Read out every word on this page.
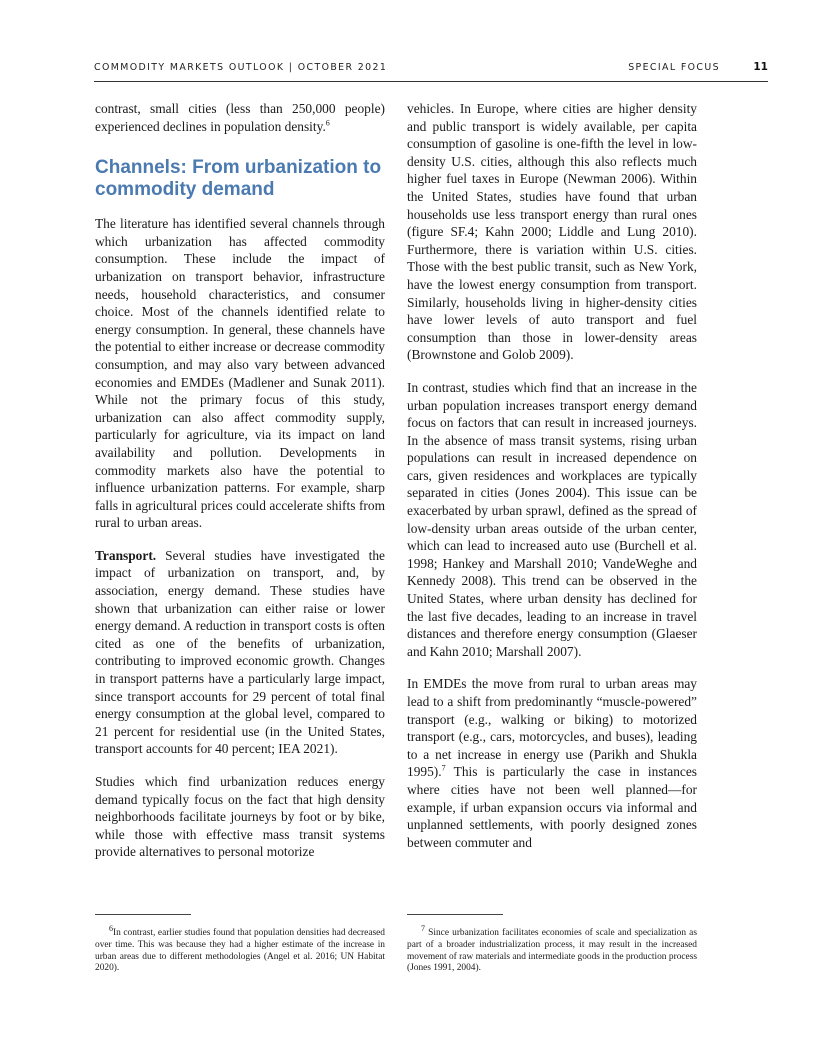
COMMODITY MARKETS OUTLOOK | OCTOBER 2021	SPECIAL FOCUS	11

contrast, small cities (less than 250,000 people) experienced declines in population density.$^6$

Channels: From urbanization to commodity demand

The literature has identified several channels through which urbanization has affected commodity consumption. These include the impact of urbanization on transport behavior, infrastructure needs, household characteristics, and consumer choice. Most of the channels identified relate to energy consumption. In general, these channels have the potential to either increase or decrease commodity consumption, and may also vary between advanced economies and EMDEs (Madlener and Sunak 2011). While not the primary focus of this study, urbanization can also affect commodity supply, particularly for agriculture, via its impact on land availability and pollution. Developments in commodity markets also have the potential to influence urbanization patterns. For example, sharp falls in agricultural prices could accelerate shifts from rural to urban areas.

Transport. Several studies have investigated the impact of urbanization on transport, and, by association, energy demand. These studies have shown that urbanization can either raise or lower energy demand. A reduction in transport costs is often cited as one of the benefits of urbanization, contributing to improved economic growth. Changes in transport patterns have a particularly large impact, since transport accounts for 29 percent of total final energy consumption at the global level, compared to 21 percent for residential use (in the United States, transport accounts for 40 percent; IEA 2021).

Studies which find urbanization reduces energy demand typically focus on the fact that high density neighborhoods facilitate journeys by foot or by bike, while those with effective mass transit systems provide alternatives to personal motorize

vehicles. In Europe, where cities are higher density and public transport is widely available, per capita consumption of gasoline is one-fifth the level in low-density U.S. cities, although this also reflects much higher fuel taxes in Europe (Newman 2006). Within the United States, studies have found that urban households use less transport energy than rural ones (figure SF.4; Kahn 2000; Liddle and Lung 2010). Furthermore, there is variation within U.S. cities. Those with the best public transit, such as New York, have the lowest energy consumption from transport. Similarly, households living in higher-density cities have lower levels of auto transport and fuel consumption than those in lower-density areas (Brownstone and Golob 2009).

In contrast, studies which find that an increase in the urban population increases transport energy demand focus on factors that can result in increased journeys. In the absence of mass transit systems, rising urban populations can result in increased dependence on cars, given residences and workplaces are typically separated in cities (Jones 2004). This issue can be exacerbated by urban sprawl, defined as the spread of low-density urban areas outside of the urban center, which can lead to increased auto use (Burchell et al. 1998; Hankey and Marshall 2010; VandeWeghe and Kennedy 2008). This trend can be observed in the United States, where urban density has declined for the last five decades, leading to an increase in travel distances and therefore energy consumption (Glaeser and Kahn 2010; Marshall 2007).

In EMDEs the move from rural to urban areas may lead to a shift from predominantly “muscle-powered” transport (e.g., walking or biking) to motorized transport (e.g., cars, motorcycles, and buses), leading to a net increase in energy use (Parikh and Shukla 1995).$^7$ This is particularly the case in instances where cities have not been well planned—for example, if urban expansion occurs via informal and unplanned settlements, with poorly designed zones between commuter and

$^6$In contrast, earlier studies found that population densities had decreased over time. This was because they had a higher estimate of the increase in urban areas due to different methodologies (Angel et al. 2016; UN Habitat 2020).

$^7$ Since urbanization facilitates economies of scale and specialization as part of a broader industrialization process, it may result in the increased movement of raw materials and intermediate goods in the production process (Jones 1991, 2004).
